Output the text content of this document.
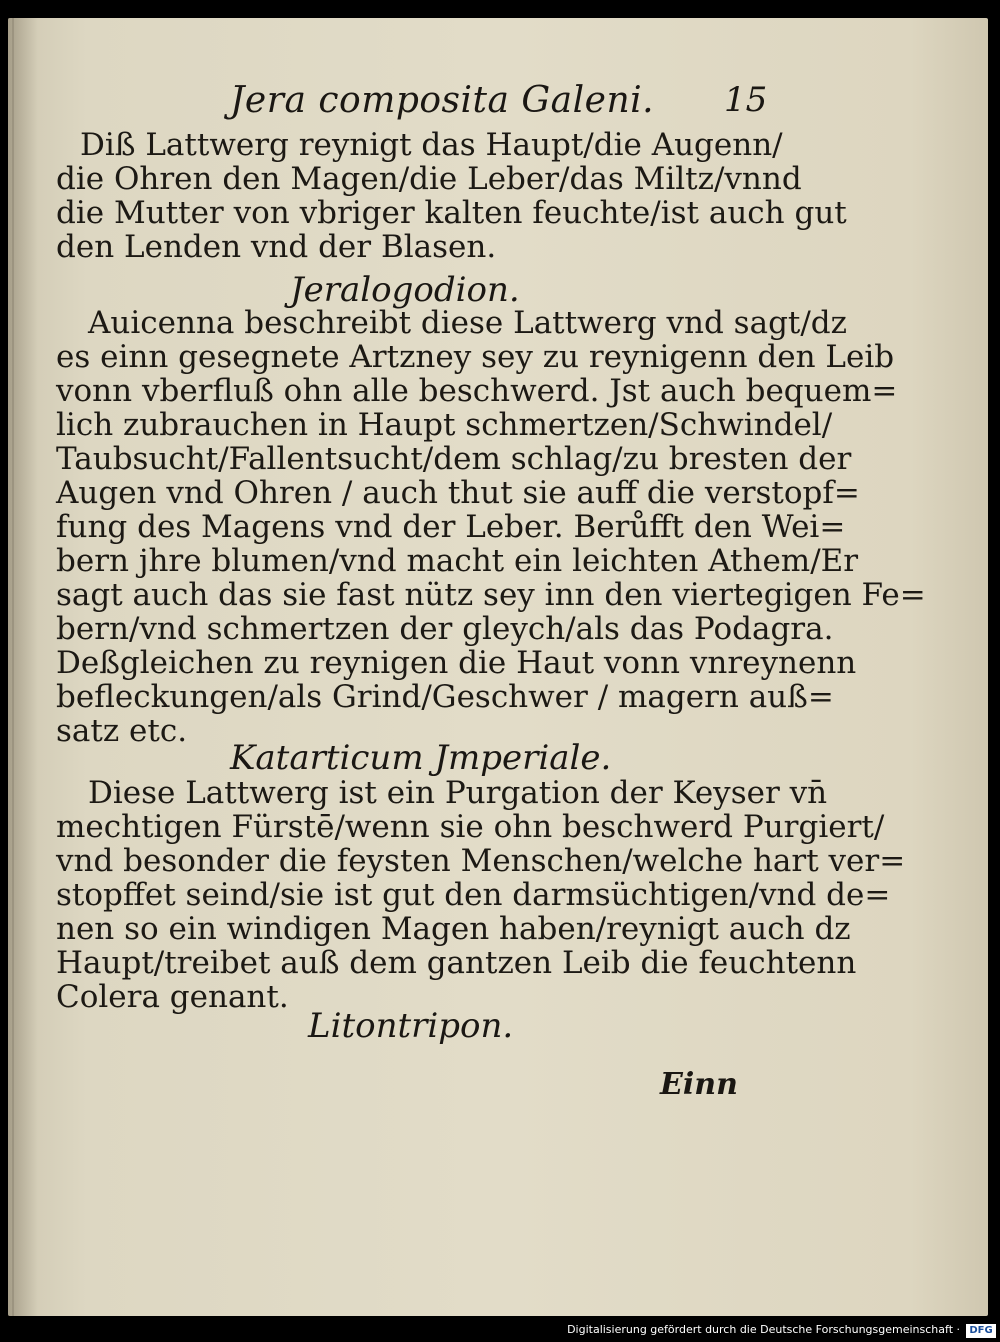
Jera composita Galeni. 15
Diß Lattwerg reynigt das Haupt/die Augenn/
die Ohren den Magen/die Leber/das Miltz/vnnd
die Mutter von vbriger kalten feuchte/ist auch gut
den Lenden vnd der Blasen.
Jeralogodion.
Auicenna beschreibt diese Lattwerg vnd sagt/dz
es einn gesegnete Artzney sey zu reynigenn den Leib
vonn vberfluß ohn alle beschwerd. Jst auch bequem=
lich zubrauchen in Haupt schmertzen/Schwindel/
Taubsucht/Fallentsucht/dem schlag/zu bresten der
Augen vnd Ohren / auch thut sie auff die verstopf=
fung des Magens vnd der Leber. Berůfft den Wei=
bern jhre blumen/vnd macht ein leichten Athem/Er
sagt auch das sie fast nütz sey inn den viertegigen Fe=
bern/vnd schmertzen der gleych/als das Podagra.
Deßgleichen zu reynigen die Haut vonn vnreynenn
befleckungen/als Grind/Geschwer / magern auß=
satz etc.
Katarticum Jmperiale.
Diese Lattwerg ist ein Purgation der Keyser vn̄
mechtigen Fürstē/wenn sie ohn beschwerd Purgiert/
vnd besonder die feysten Menschen/welche hart ver=
stopffet seind/sie ist gut den darmsüchtigen/vnd de=
nen so ein windigen Magen haben/reynigt auch dz
Haupt/treibet auß dem gantzen Leib die feuchtenn
Colera genant.
Litontripon.
Einn
Digitalisierung gefördert durch die Deutsche Forschungsgemeinschaft · DFG
